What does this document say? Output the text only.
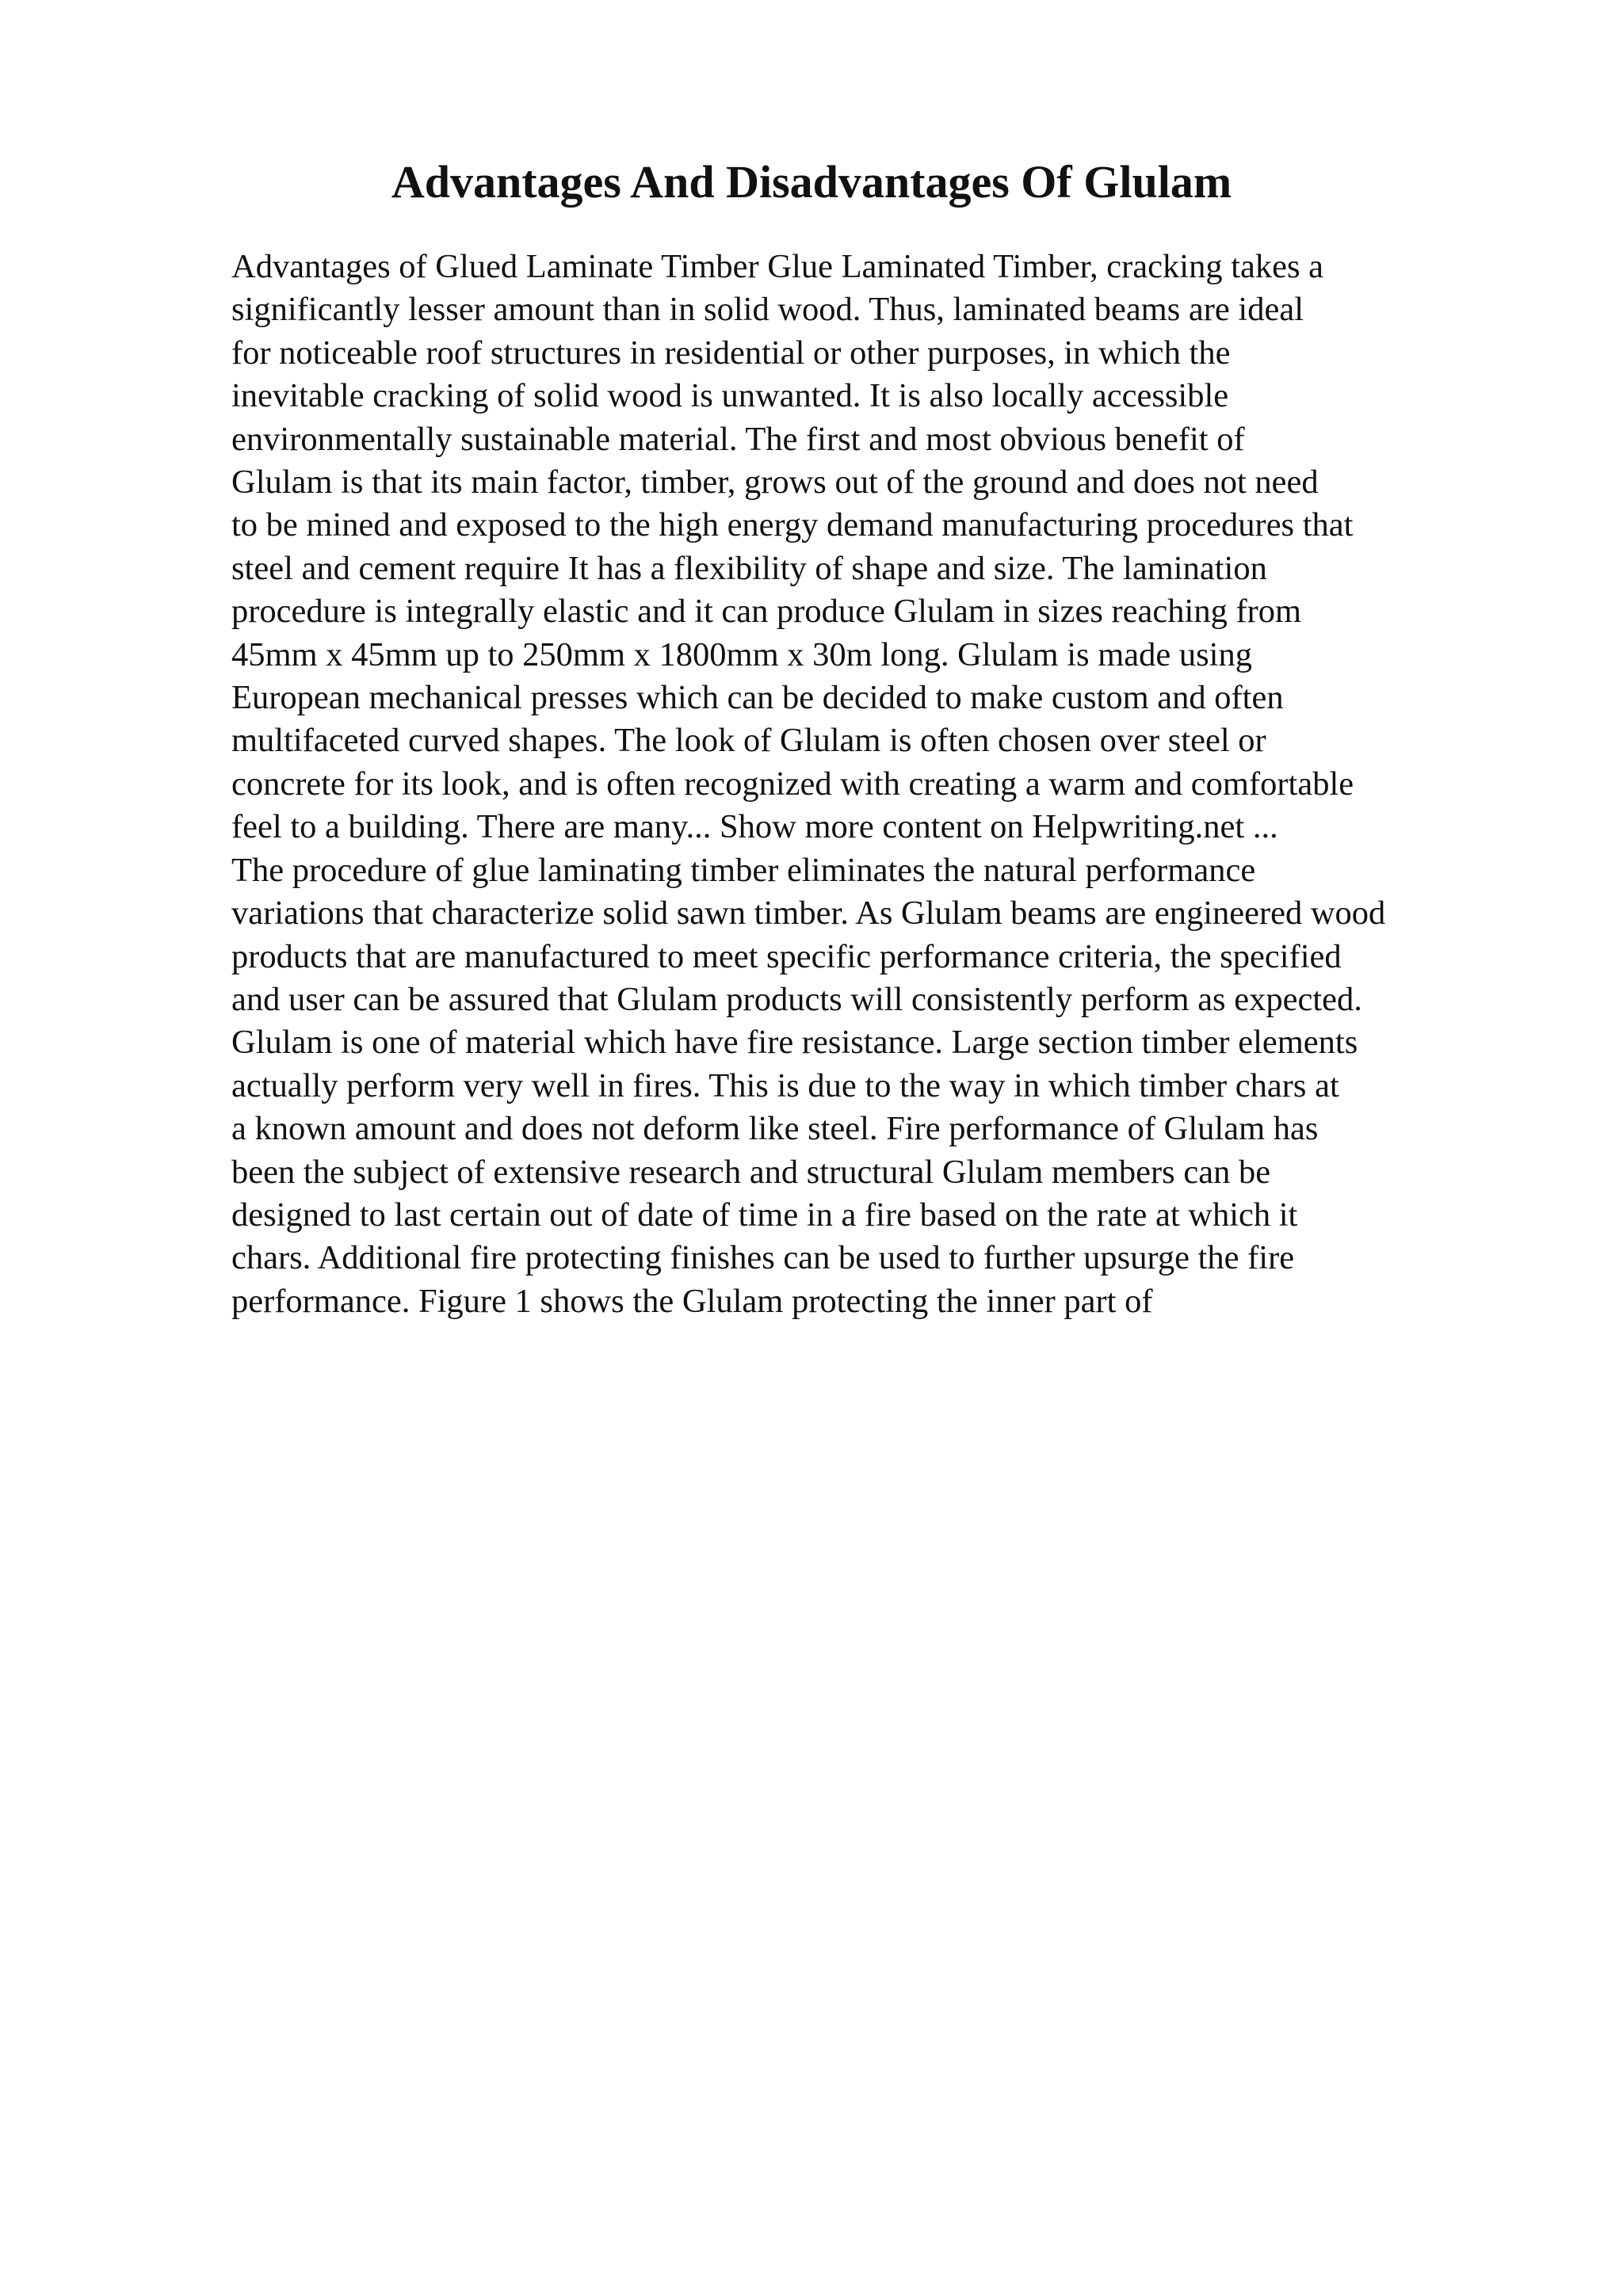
Advantages And Disadvantages Of Glulam
Advantages of Glued Laminate Timber Glue Laminated Timber, cracking takes a
significantly lesser amount than in solid wood. Thus, laminated beams are ideal
for noticeable roof structures in residential or other purposes, in which the
inevitable cracking of solid wood is unwanted. It is also locally accessible
environmentally sustainable material. The first and most obvious benefit of
Glulam is that its main factor, timber, grows out of the ground and does not need
to be mined and exposed to the high energy demand manufacturing procedures that
steel and cement require It has a flexibility of shape and size. The lamination
procedure is integrally elastic and it can produce Glulam in sizes reaching from
45mm x 45mm up to 250mm x 1800mm x 30m long. Glulam is made using
European mechanical presses which can be decided to make custom and often
multifaceted curved shapes. The look of Glulam is often chosen over steel or
concrete for its look, and is often recognized with creating a warm and comfortable
feel to a building. There are many... Show more content on Helpwriting.net ...
The procedure of glue laminating timber eliminates the natural performance
variations that characterize solid sawn timber. As Glulam beams are engineered wood
products that are manufactured to meet specific performance criteria, the specified
and user can be assured that Glulam products will consistently perform as expected.
Glulam is one of material which have fire resistance. Large section timber elements
actually perform very well in fires. This is due to the way in which timber chars at
a known amount and does not deform like steel. Fire performance of Glulam has
been the subject of extensive research and structural Glulam members can be
designed to last certain out of date of time in a fire based on the rate at which it
chars. Additional fire protecting finishes can be used to further upsurge the fire
performance. Figure 1 shows the Glulam protecting the inner part of
